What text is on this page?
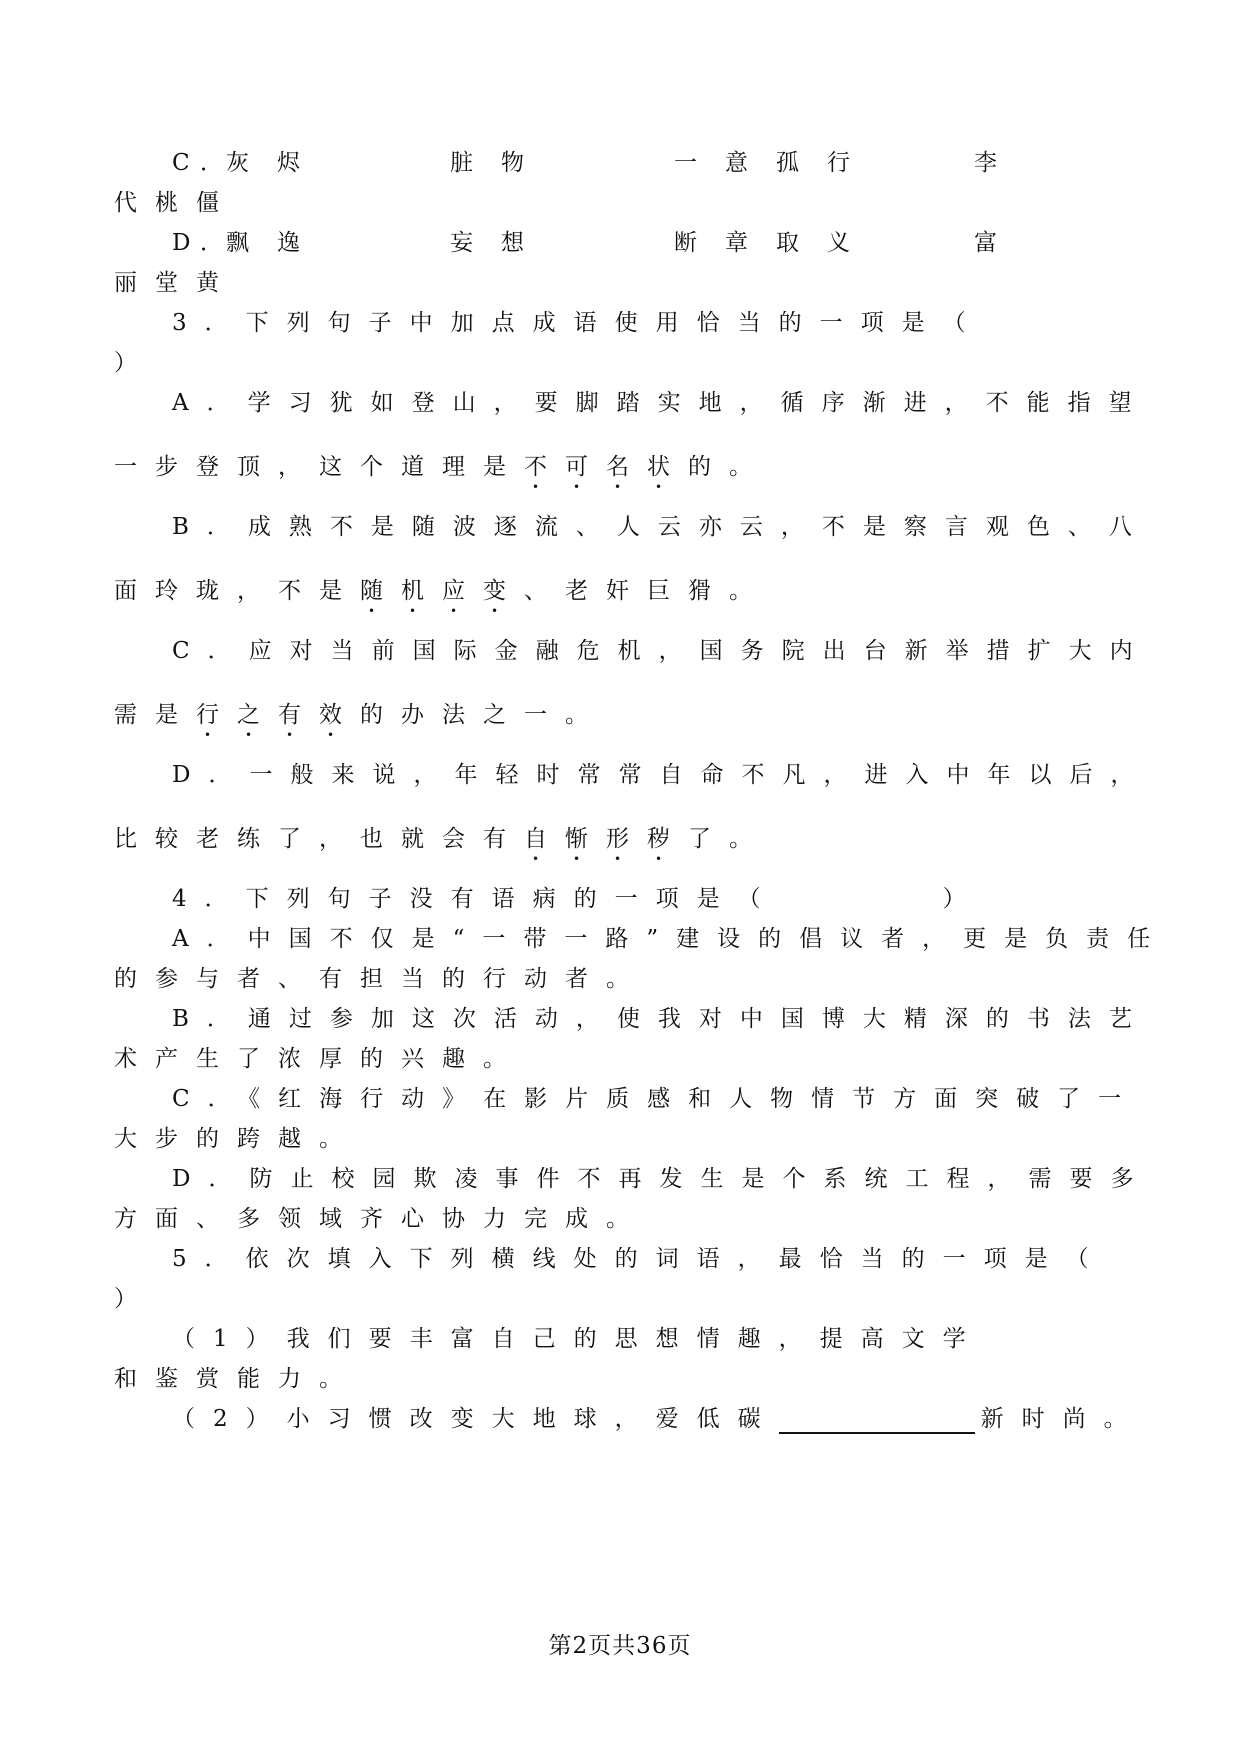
C
．
灰烬	脏物	一意孤行	李
代桃僵
D
．
飘逸	妄想	断章取义	富
丽堂黄
3．下列句子中加点成语使用恰当的一项是（
）
A．学习犹如登山，要脚踏实地，循序渐进，不能指望
一步登顶，这个道理是不可名状的。
B．成熟不是随波逐流、人云亦云，不是察言观色、八
面玲珑，不是随机应变、老奸巨猾。
C．应对当前国际金融危机，国务院出台新举措扩大内
需是行之有效的办法之一。
D．一般来说，年轻时常常自命不凡，进入中年以后，
比较老练了，也就会有自惭形秽了。
4．下列句子没有语病的一项是（　　　　）
A．中国不仅是“一带一路”建设的倡议者，更是负责任
的参与者、有担当的行动者。
B．通过参加这次活动，使我对中国博大精深的书法艺
术产生了浓厚的兴趣。
C．《红海行动》在影片质感和人物情节方面突破了一
大步的跨越。
D．防止校园欺凌事件不再发生是个系统工程，需要多
方面、多领域齐心协力完成。
5．依次填入下列横线处的词语，最恰当的一项是（
）
（1）我们要丰富自己的思想情趣，提高文学
和鉴赏能力。
（2）小习惯改变大地球，爱低碳	新时尚。
第2页共36页
